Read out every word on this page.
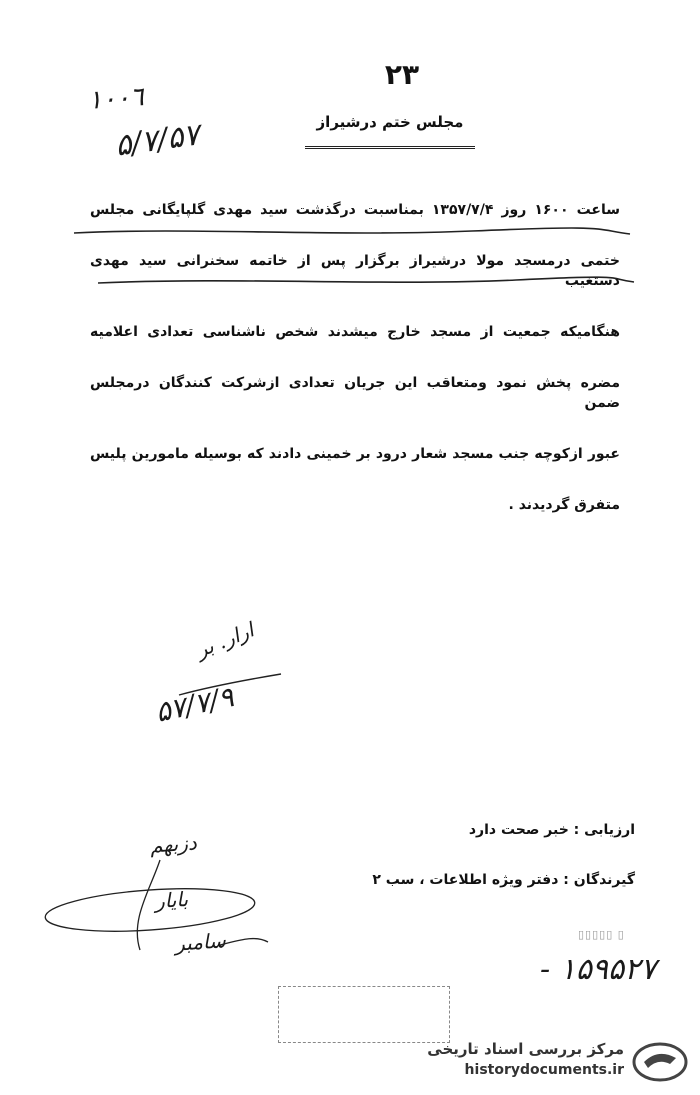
٢٣
مجلس ختم درشیراز
١٠٠٦
۵/۷/۵۷
ساعت ۱۶۰۰ روز ۱۳۵۷/۷/۴ بمناسبت درگذشت سید مهدی گلپایگانی مجلس
ختمی درمسجد مولا درشیراز برگزار پس از خاتمه سخنرانی سید مهدی دستغیب
هنگامیکه جمعیت از مسجد خارج میشدند شخص ناشناسی تعدادی اعلامیه
مضره پخش نمود ومتعاقب این جریان تعدادی ازشرکت کنندگان درمجلس ضمن
عبور ازکوچه جنب مسجد شعار درود بر خمینی دادند که بوسیله مامورین پلیس
متفرق گردیدند .
ارار. بر
۵۷/۷/۹
دزبهم
بایار
سامبر
ارزیابی : خبر صحت دارد
گیرندگان : دفتر ویژه اطلاعات ، سب ۲
▯▯▯▯▯ ▯
- ۱۵۹۵۲۷
مرکز بررسی اسناد تاریخی
historydocuments.ir
